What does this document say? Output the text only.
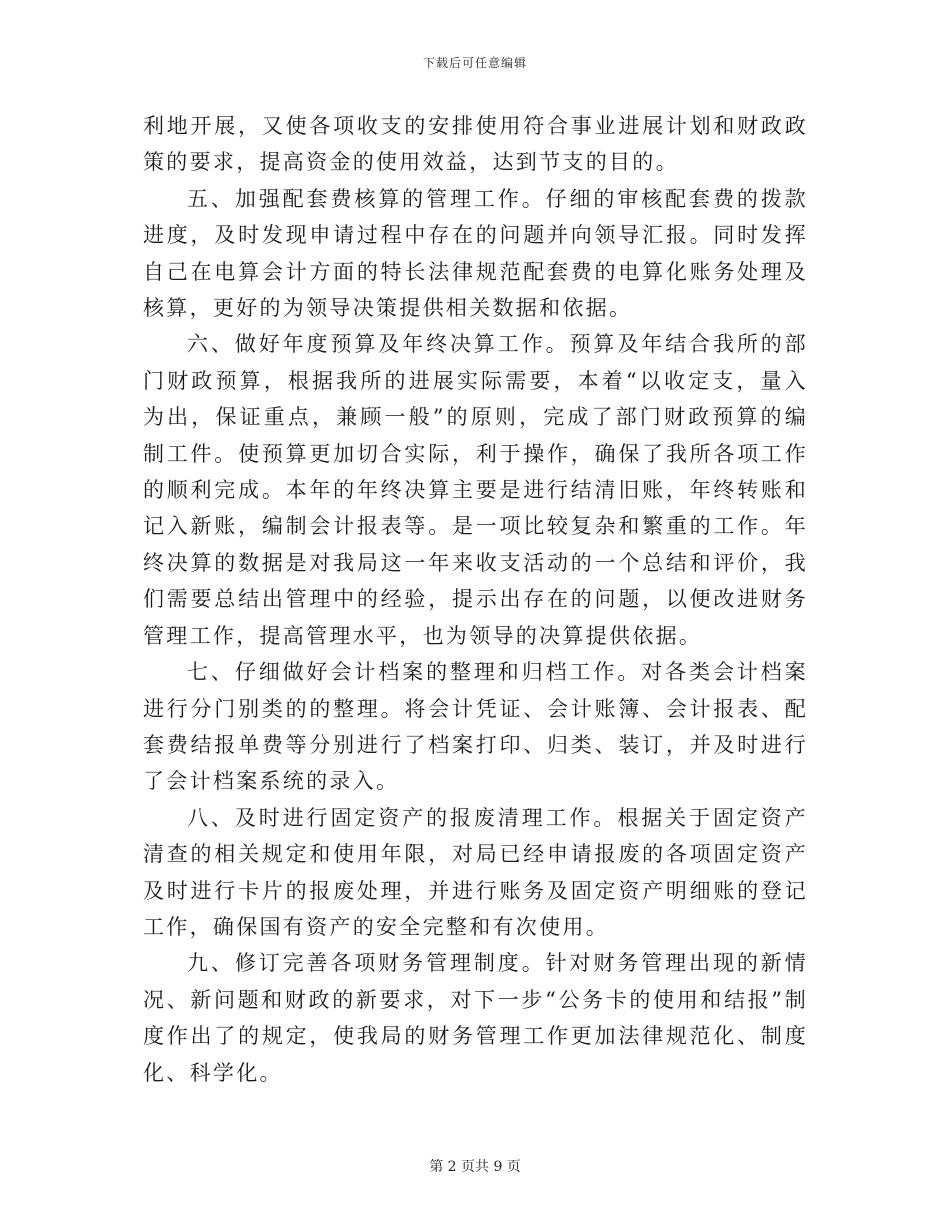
下载后可任意编辑

利地开展，又使各项收支的安排使用符合事业进展计划和财政政策的要求，提高资金的使用效益，达到节支的目的。

五、加强配套费核算的管理工作。仔细的审核配套费的拨款进度，及时发现申请过程中存在的问题并向领导汇报。同时发挥自己在电算会计方面的特长法律规范配套费的电算化账务处理及核算，更好的为领导决策提供相关数据和依据。

六、做好年度预算及年终决算工作。预算及年结合我所的部门财政预算，根据我所的进展实际需要，本着“以收定支，量入为出，保证重点，兼顾一般”的原则，完成了部门财政预算的编制工件。使预算更加切合实际，利于操作，确保了我所各项工作的顺利完成。本年的年终决算主要是进行结清旧账，年终转账和记入新账，编制会计报表等。是一项比较复杂和繁重的工作。年终决算的数据是对我局这一年来收支活动的一个总结和评价，我们需要总结出管理中的经验，提示出存在的问题，以便改进财务管理工作，提高管理水平，也为领导的决算提供依据。

七、仔细做好会计档案的整理和归档工作。对各类会计档案进行分门别类的的整理。将会计凭证、会计账簿、会计报表、配套费结报单费等分别进行了档案打印、归类、装订，并及时进行了会计档案系统的录入。

八、及时进行固定资产的报废清理工作。根据关于固定资产清查的相关规定和使用年限，对局已经申请报废的各项固定资产及时进行卡片的报废处理，并进行账务及固定资产明细账的登记工作，确保国有资产的安全完整和有次使用。

九、修订完善各项财务管理制度。针对财务管理出现的新情况、新问题和财政的新要求，对下一步“公务卡的使用和结报”制度作出了的规定，使我局的财务管理工作更加法律规范化、制度化、科学化。

第 2 页共 9 页
